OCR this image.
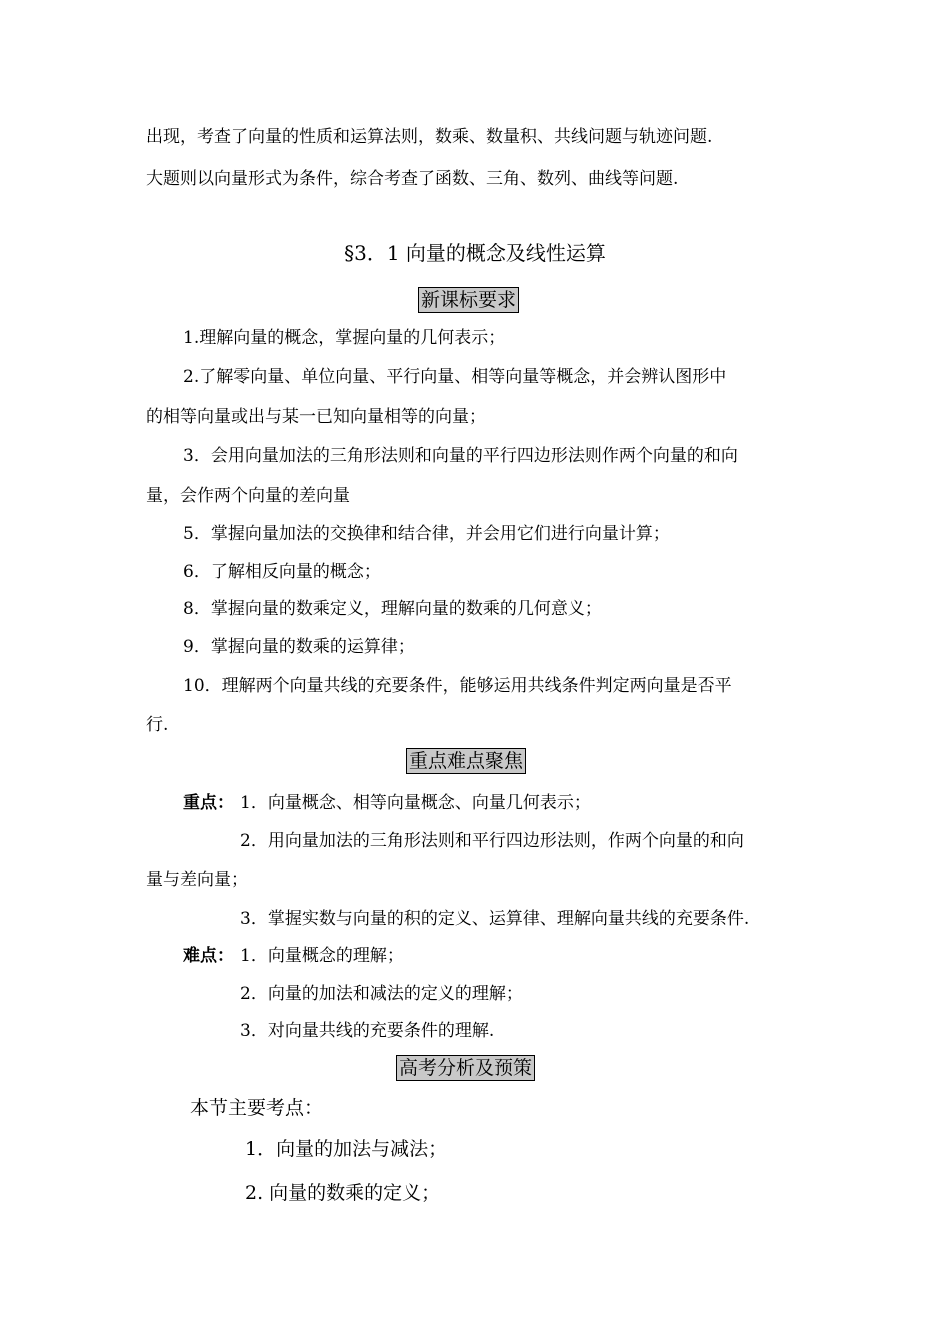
出现，考查了向量的性质和运算法则，数乘、数量积、共线问题与轨迹问题.
大题则以向量形式为条件，综合考查了函数、三角、数列、曲线等问题.
§3．1 向量的概念及线性运算
新课标要求
1.理解向量的概念，掌握向量的几何表示；
2.了解零向量、单位向量、平行向量、相等向量等概念，并会辨认图形中
的相等向量或出与某一已知向量相等的向量；
3．会用向量加法的三角形法则和向量的平行四边形法则作两个向量的和向
量，会作两个向量的差向量
5．掌握向量加法的交换律和结合律，并会用它们进行向量计算；
6．了解相反向量的概念；
8．掌握向量的数乘定义，理解向量的数乘的几何意义；
9．掌握向量的数乘的运算律；
10．理解两个向量共线的充要条件，能够运用共线条件判定两向量是否平
行.
重点难点聚焦
重点： 1．向量概念、相等向量概念、向量几何表示；
2．用向量加法的三角形法则和平行四边形法则，作两个向量的和向
量与差向量；
3．掌握实数与向量的积的定义、运算律、理解向量共线的充要条件.
难点： 1．向量概念的理解；
2．向量的加法和减法的定义的理解；
3．对向量共线的充要条件的理解.
高考分析及预策
本节主要考点：
1．向量的加法与减法；
2. 向量的数乘的定义；
